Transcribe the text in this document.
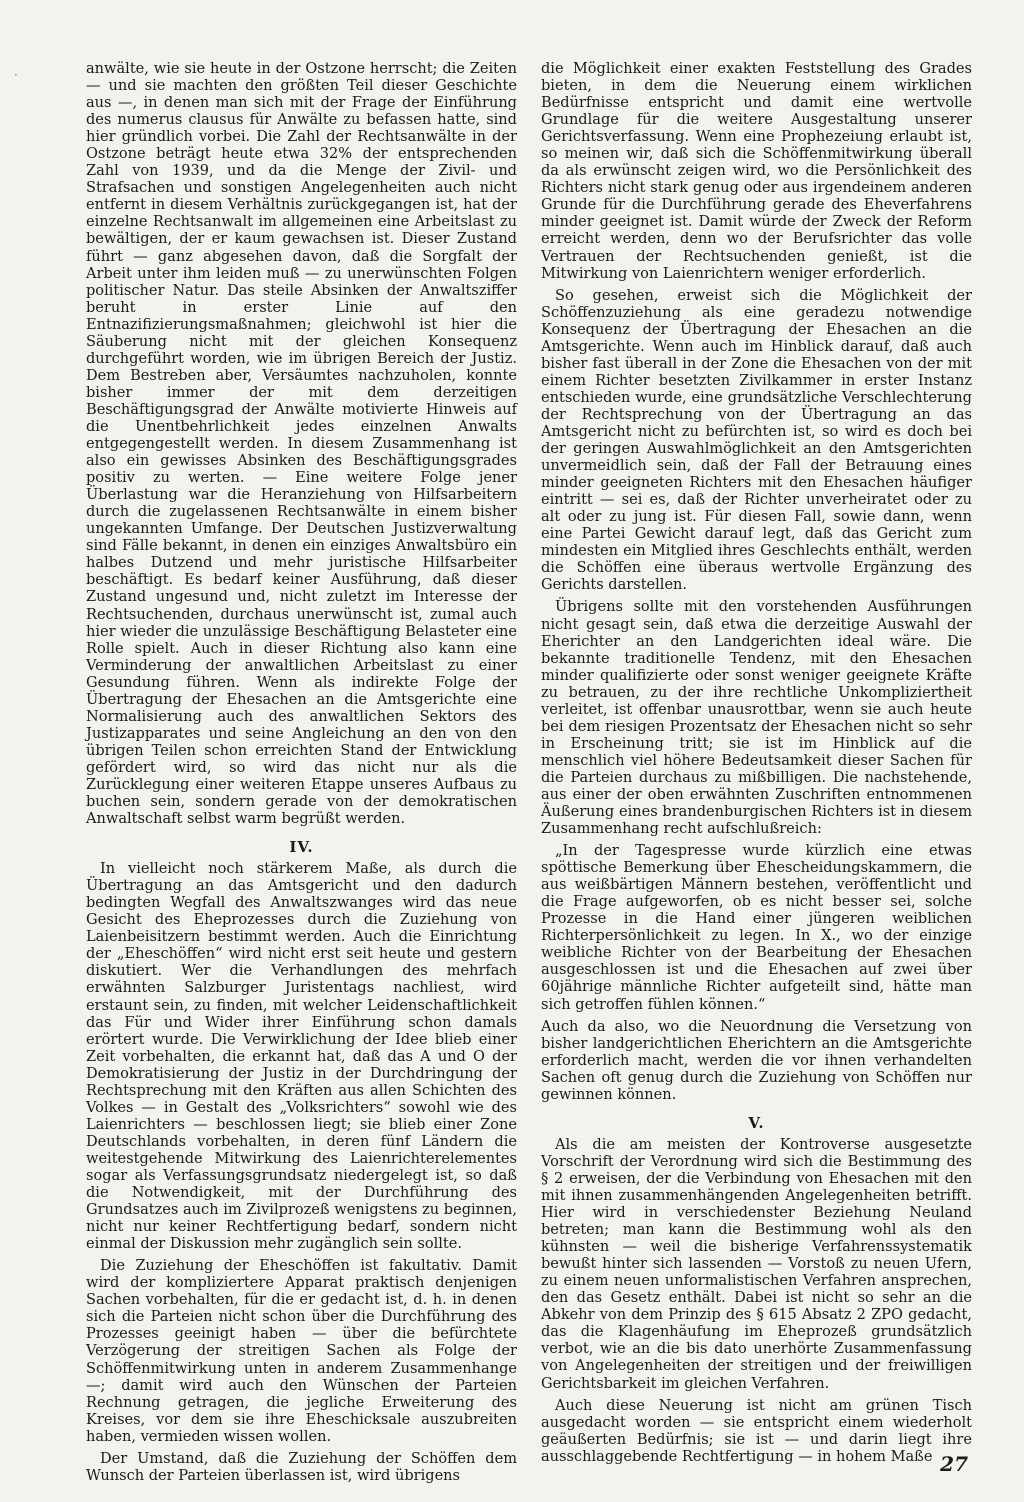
·	anwälte, wie sie heute in der Ostzone herrscht; die Zeiten — und sie machten den größten Teil dieser Geschichte aus —, in denen man sich mit der Frage der Einführung des numerus clausus für Anwälte zu befassen hatte, sind hier gründlich vorbei. Die Zahl der Rechtsanwälte in der Ostzone beträgt heute etwa 32% der entsprechenden Zahl von 1939, und da die Menge der Zivil- und Strafsachen und sonstigen Angelegenheiten auch nicht entfernt in diesem Verhältnis zurückgegangen ist, hat der einzelne Rechtsanwalt im allgemeinen eine Arbeitslast zu bewältigen, der er kaum gewachsen ist. Dieser Zustand führt — ganz abgesehen davon, daß die Sorgfalt der Arbeit unter ihm leiden muß — zu unerwünschten Folgen politischer Natur. Das steile Absinken der Anwaltsziffer beruht in erster Linie auf den Entnazifizierungsmaßnahmen; gleichwohl ist hier die Säuberung nicht mit der gleichen Konsequenz durchgeführt worden, wie im übrigen Bereich der Justiz. Dem Bestreben aber, Versäumtes nachzuholen, konnte bisher immer der mit dem derzeitigen Beschäftigungsgrad der Anwälte motivierte Hinweis auf die Unentbehrlichkeit jedes einzelnen Anwalts entgegengestellt werden. In diesem Zusammenhang ist also ein gewisses Absinken des Beschäftigungsgrades positiv zu werten. — Eine weitere Folge jener Überlastung war die Heranziehung von Hilfsarbeitern durch die zugelassenen Rechtsanwälte in einem bisher ungekannten Umfange. Der Deutschen Justizverwaltung sind Fälle bekannt, in denen ein einziges Anwaltsbüro ein halbes Dutzend und mehr juristische Hilfsarbeiter beschäftigt. Es bedarf keiner Ausführung, daß dieser Zustand ungesund und, nicht zuletzt im Interesse der Rechtsuchenden, durchaus unerwünscht ist, zumal auch hier wieder die unzulässige Beschäftigung Belasteter eine Rolle spielt. Auch in dieser Richtung also kann eine Verminderung der anwaltlichen Arbeitslast zu einer Gesundung führen. Wenn als indirekte Folge der Übertragung der Ehesachen an die Amtsgerichte eine Normalisierung auch des anwaltlichen Sektors des Justizapparates und seine Angleichung an den von den übrigen Teilen schon erreichten Stand der Entwicklung gefördert wird, so wird das nicht nur als die Zurücklegung einer weiteren Etappe unseres Aufbaus zu buchen sein, sondern gerade von der demokratischen Anwaltschaft selbst warm begrüßt werden.

IV.

In vielleicht noch stärkerem Maße, als durch die Übertragung an das Amtsgericht und den dadurch bedingten Wegfall des Anwaltszwanges wird das neue Gesicht des Eheprozesses durch die Zuziehung von Laienbeisitzern bestimmt werden. Auch die Einrichtung der „Eheschöffen“ wird nicht erst seit heute und gestern diskutiert. Wer die Verhandlungen des mehrfach erwähnten Salzburger Juristentags nachliest, wird erstaunt sein, zu finden, mit welcher Leidenschaftlichkeit das Für und Wider ihrer Einführung schon damals erörtert wurde. Die Verwirklichung der Idee blieb einer Zeit vorbehalten, die erkannt hat, daß das A und O der Demokratisierung der Justiz in der Durchdringung der Rechtsprechung mit den Kräften aus allen Schichten des Volkes — in Gestalt des „Volksrichters“ sowohl wie des Laienrichters — beschlossen liegt; sie blieb einer Zone Deutschlands vorbehalten, in deren fünf Ländern die weitestgehende Mitwirkung des Laienrichterelementes sogar als Verfassungsgrundsatz niedergelegt ist, so daß die Notwendigkeit, mit der Durchführung des Grundsatzes auch im Zivilprozeß wenigstens zu beginnen, nicht nur keiner Rechtfertigung bedarf, sondern nicht einmal der Diskussion mehr zugänglich sein sollte.

Die Zuziehung der Eheschöffen ist fakultativ. Damit wird der kompliziertere Apparat praktisch denjenigen Sachen vorbehalten, für die er gedacht ist, d. h. in denen sich die Parteien nicht schon über die Durchführung des Prozesses geeinigt haben — über die befürchtete Verzögerung der streitigen Sachen als Folge der Schöffenmitwirkung unten in anderem Zusammenhange —; damit wird auch den Wünschen der Parteien Rechnung getragen, die jegliche Erweiterung des Kreises, vor dem sie ihre Eheschicksale auszubreiten haben, vermieden wissen wollen.

Der Umstand, daß die Zuziehung der Schöffen dem Wunsch der Parteien überlassen ist, wird übrigens

die Möglichkeit einer exakten Feststellung des Grades bieten, in dem die Neuerung einem wirklichen Bedürfnisse entspricht und damit eine wertvolle Grundlage für die weitere Ausgestaltung unserer Gerichtsverfassung. Wenn eine Prophezeiung erlaubt ist, so meinen wir, daß sich die Schöffenmitwirkung überall da als erwünscht zeigen wird, wo die Persönlichkeit des Richters nicht stark genug oder aus irgendeinem anderen Grunde für die Durchführung gerade des Eheverfahrens minder geeignet ist. Damit würde der Zweck der Reform erreicht werden, denn wo der Berufsrichter das volle Vertrauen der Rechtsuchenden genießt, ist die Mitwirkung von Laienrichtern weniger erforderlich.

So gesehen, erweist sich die Möglichkeit der Schöffenzuziehung als eine geradezu notwendige Konsequenz der Übertragung der Ehesachen an die Amtsgerichte. Wenn auch im Hinblick darauf, daß auch bisher fast überall in der Zone die Ehesachen von der mit einem Richter besetzten Zivilkammer in erster Instanz entschieden wurde, eine grundsätzliche Verschlechterung der Rechtsprechung von der Übertragung an das Amtsgericht nicht zu befürchten ist, so wird es doch bei der geringen Auswahlmöglichkeit an den Amtsgerichten unvermeidlich sein, daß der Fall der Betrauung eines minder geeigneten Richters mit den Ehesachen häufiger eintritt — sei es, daß der Richter unverheiratet oder zu alt oder zu jung ist. Für diesen Fall, sowie dann, wenn eine Partei Gewicht darauf legt, daß das Gericht zum mindesten ein Mitglied ihres Geschlechts enthält, werden die Schöffen eine überaus wertvolle Ergänzung des Gerichts darstellen.

Übrigens sollte mit den vorstehenden Ausführungen nicht gesagt sein, daß etwa die derzeitige Auswahl der Eherichter an den Landgerichten ideal wäre. Die bekannte traditionelle Tendenz, mit den Ehesachen minder qualifizierte oder sonst weniger geeignete Kräfte zu betrauen, zu der ihre rechtliche Unkompliziertheit verleitet, ist offenbar unausrottbar, wenn sie auch heute bei dem riesigen Prozentsatz der Ehesachen nicht so sehr in Erscheinung tritt; sie ist im Hinblick auf die menschlich viel höhere Bedeutsamkeit dieser Sachen für die Parteien durchaus zu mißbilligen. Die nachstehende, aus einer der oben erwähnten Zuschriften entnommenen Äußerung eines brandenburgischen Richters ist in diesem Zusammenhang recht aufschlußreich:

„In der Tagespresse wurde kürzlich eine etwas spöttische Bemerkung über Ehescheidungskammern, die aus weißbärtigen Männern bestehen, veröffentlicht und die Frage aufgeworfen, ob es nicht besser sei, solche Prozesse in die Hand einer jüngeren weiblichen Richterpersönlichkeit zu legen. In X., wo der einzige weibliche Richter von der Bearbeitung der Ehesachen ausgeschlossen ist und die Ehesachen auf zwei über 60jährige männliche Richter aufgeteilt sind, hätte man sich getroffen fühlen können.“

Auch da also, wo die Neuordnung die Versetzung von bisher landgerichtlichen Eherichtern an die Amtsgerichte erforderlich macht, werden die vor ihnen verhandelten Sachen oft genug durch die Zuziehung von Schöffen nur gewinnen können.

V.

Als die am meisten der Kontroverse ausgesetzte Vorschrift der Verordnung wird sich die Bestimmung des § 2 erweisen, der die Verbindung von Ehesachen mit den mit ihnen zusammenhängenden Angelegenheiten betrifft. Hier wird in verschiedenster Beziehung Neuland betreten; man kann die Bestimmung wohl als den kühnsten — weil die bisherige Verfahrenssystematik bewußt hinter sich lassenden — Vorstoß zu neuen Ufern, zu einem neuen unformalistischen Verfahren ansprechen, den das Gesetz enthält. Dabei ist nicht so sehr an die Abkehr von dem Prinzip des § 615 Absatz 2 ZPO gedacht, das die Klagenhäufung im Eheprozeß grundsätzlich verbot, wie an die bis dato unerhörte Zusammenfassung von Angelegenheiten der streitigen und der freiwilligen Gerichtsbarkeit im gleichen Verfahren.

Auch diese Neuerung ist nicht am grünen Tisch ausgedacht worden — sie entspricht einem wiederholt geäußerten Bedürfnis; sie ist — und darin liegt ihre ausschlaggebende Rechtfertigung — in hohem Maße 27
